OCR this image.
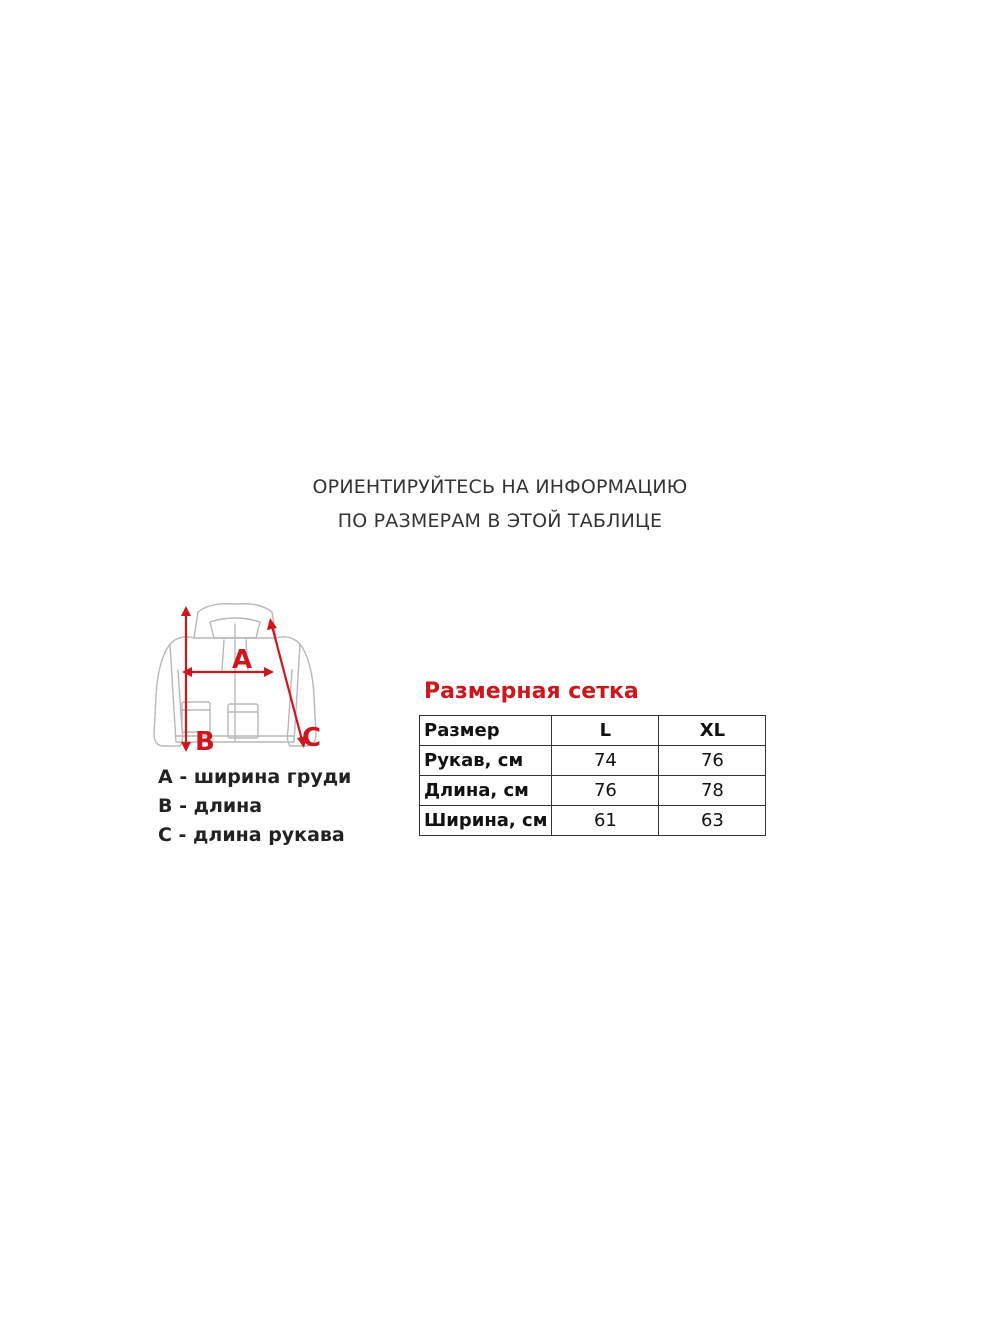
ОРИЕНТИРУЙТЕСЬ НА ИНФОРМАЦИЮ
ПО РАЗМЕРАМ В ЭТОЙ ТАБЛИЦЕ
A
B	C
А - ширина груди
В - длина
С - длина рукава
Размерная сетка
Размер	L	XL
Рукав, см	74	76
Длина, см	76	78
Ширина, см	61	63
